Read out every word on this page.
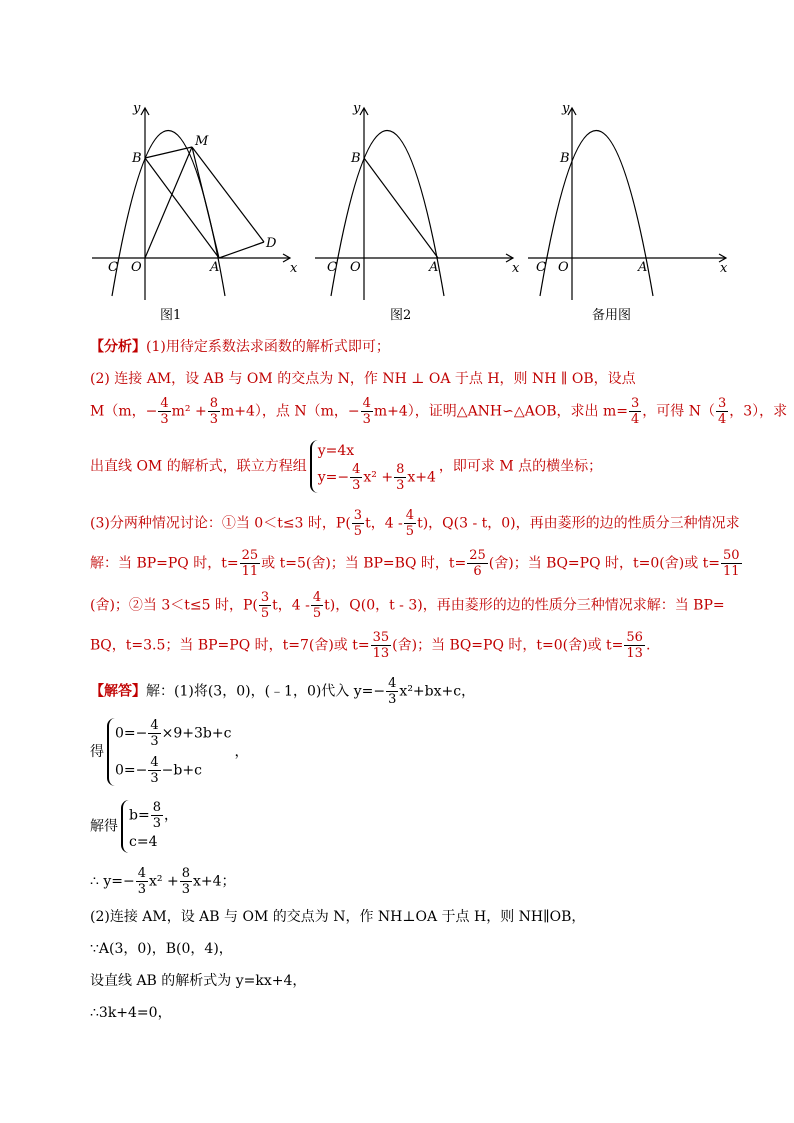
y
x
B
M
C O	A
D
y
x
B
C O	A
y
x
B
C O	A
图1	图2	备用图
【分析】(1)用待定系数法求函数的解析式即可；
(2) 连接 AM，设 AB 与 OM 的交点为 N，作 NH ⊥ OA 于点 H，则 NH ∥ OB，设点
M（m，− $\frac{4}{3} m^2 + \frac{8}{3} m+4$），点 N（m，− $\frac{4}{3} m+4$），证明△ANH∽△AOB，求出 $m= \frac{3}{4}$ ，可得 $N( \frac{3}{4}$ ，3），求
出直线 OM 的解析式，联立方程组
y=4x
$y=- \frac{4}{3} x^2 + \frac{8}{3} x+4$
，即可求 M 点的横坐标；
(3)分两种情况讨论：①当 0＜t≤3 时，$P( \frac{3}{5}$ t，$4 - \frac{4}{5} t$)，Q(3 - t，0)，再由菱形的边的性质分三种情况求
解：当 BP=PQ 时，$t= \frac{25}{11}$ 或 t=5(舍)；当 BP=BQ 时，$t= \frac{25}{6}$ (舍)；当 BQ=PQ 时，t=0(舍)或 $t= \frac{50}{11}$
(舍)；②当 3＜t≤5 时，$P( \frac{3}{5}$ t，$4 - \frac{4}{5} t$)，Q(0，t - 3)，再由菱形的边的性质分三种情况求解：当 BP=
BQ，t=3.5；当 BP=PQ 时，t=7(舍)或 $t= \frac{35}{13}$ (舍)；当 BQ=PQ 时，t=0(舍)或 $t= \frac{56}{13}$ .
【解答】解：(1)将(3，0)，(﹣1，0)代入 $y=- \frac{4}{3} x^2+bx+c$，
得
$0=- \frac{4}{3} \times 9+3b+c$
$0=- \frac{4}{3} -b+c$
，
解得
$b= \frac{8}{3}$ ，
c=4
∴ $y=- \frac{4}{3} x^2 + \frac{8}{3} x+4$；
(2)连接 AM，设 AB 与 OM 的交点为 N，作 NH⊥OA 于点 H，则 NH∥OB，
∵A(3，0)，B(0，4)，
设直线 AB 的解析式为 y=kx+4，
∴3k+4=0，
